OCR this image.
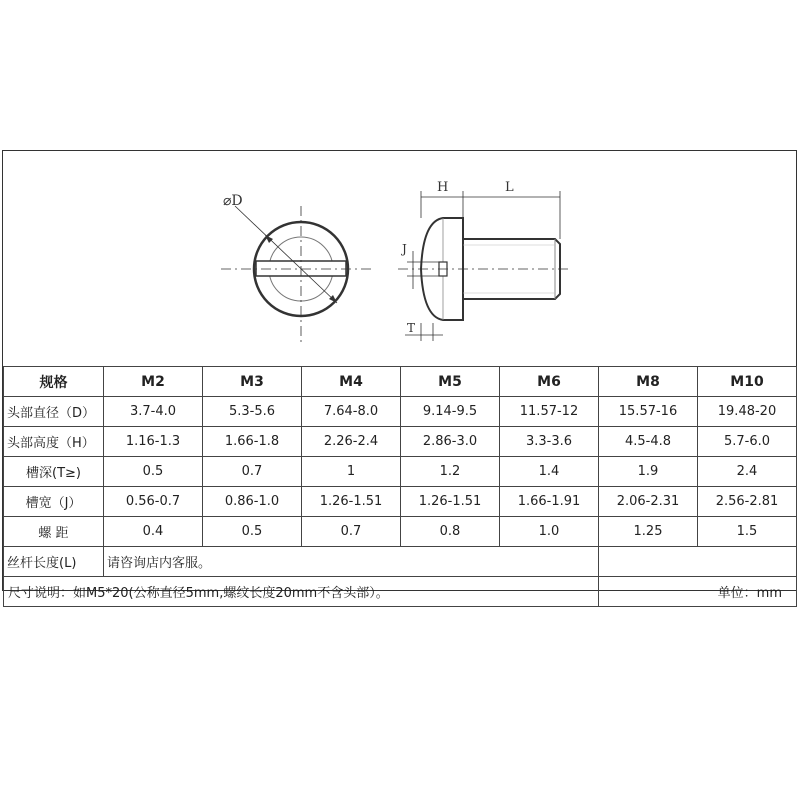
⌀D
H	L
J
T
规格	M2	M3	M4	M5	M6	M8	M10
头部直径（D）	3.7-4.0	5.3-5.6	7.64-8.0	9.14-9.5	11.57-12	15.57-16	19.48-20
头部高度（H）	1.16-1.3	1.66-1.8	2.26-2.4	2.86-3.0	3.3-3.6	4.5-4.8	5.7-6.0
槽深(T≥)	0.5	0.7	1	1.2	1.4	1.9	2.4
槽宽（J）	0.56-0.7	0.86-1.0	1.26-1.51	1.26-1.51	1.66-1.91	2.06-2.31	2.56-2.81
螺 距	0.4	0.5	0.7	0.8	1.0	1.25	1.5
丝杆长度(L)	请咨询店内客服。						
尺寸说明：如M5*20(公称直径5mm,螺纹长度20mm不含头部）。						单位：mm	
